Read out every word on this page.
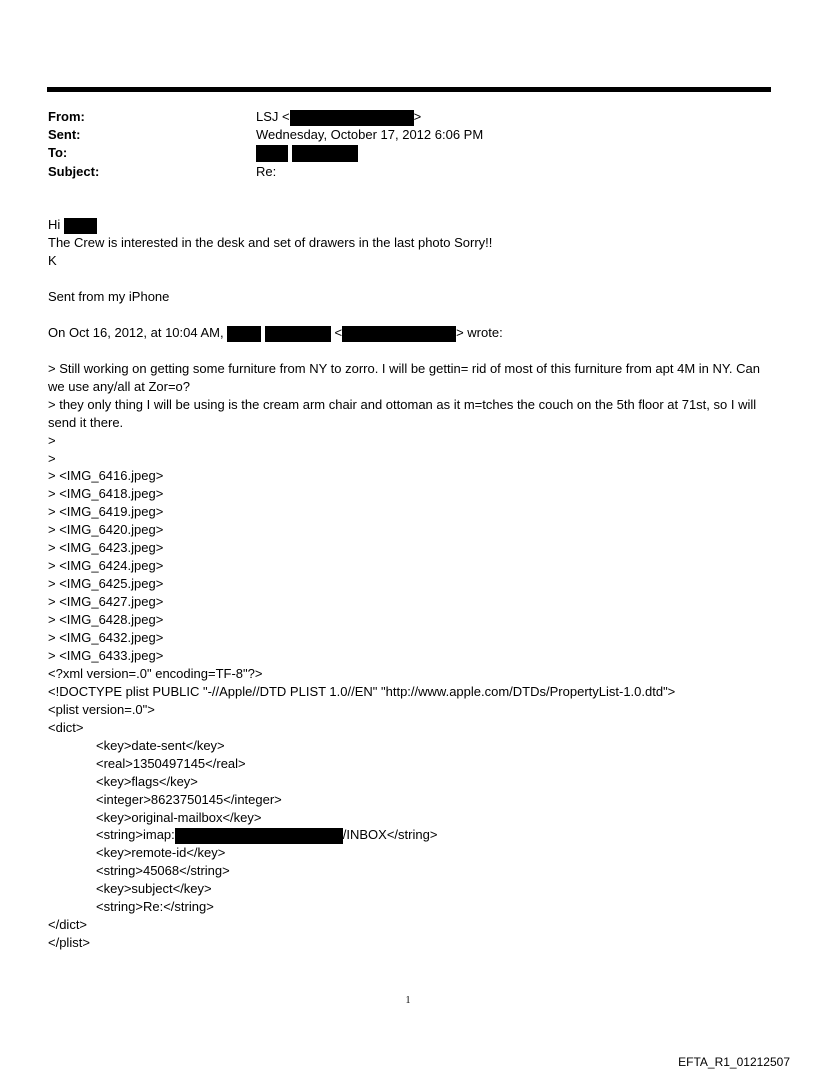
From:	LSJ <	>
Sent:	Wednesday, October 17, 2012 6:06 PM
To:

Subject:	Re:
Hi
The Crew is interested in the desk and set of drawers in the last photo Sorry!!
K
Sent from my iPhone
On Oct 16, 2012, at 10:04 AM,	<	> wrote:
> Still working on getting some furniture from NY to zorro. I will be gettin= rid of most of this furniture from apt 4M in NY. Can we use any/all at Zor=o?
> they only thing I will be using is the cream arm chair and ottoman as it m=tches the couch on the 5th floor at 71st, so I will send it there.
>
>
> <IMG_6416.jpeg>
> <IMG_6418.jpeg>
> <IMG_6419.jpeg>
> <IMG_6420.jpeg>
> <IMG_6423.jpeg>
> <IMG_6424.jpeg>
> <IMG_6425.jpeg>
> <IMG_6427.jpeg>
> <IMG_6428.jpeg>
> <IMG_6432.jpeg>
> <IMG_6433.jpeg>
<?xml version=.0" encoding=TF-8"?>
<!DOCTYPE plist PUBLIC "-//Apple//DTD PLIST 1.0//EN" "http://www.apple.com/DTDs/PropertyList-1.0.dtd">
<plist version=.0">
<dict>
<key>date-sent</key>
<real>1350497145</real>
<key>flags</key>
<integer>8623750145</integer>
<key>original-mailbox</key>
<string>imap:	/INBOX</string>
<key>remote-id</key>
<string>45068</string>
<key>subject</key>
<string>Re:</string>
</dict>
</plist>
1
EFTA_R1_01212507
